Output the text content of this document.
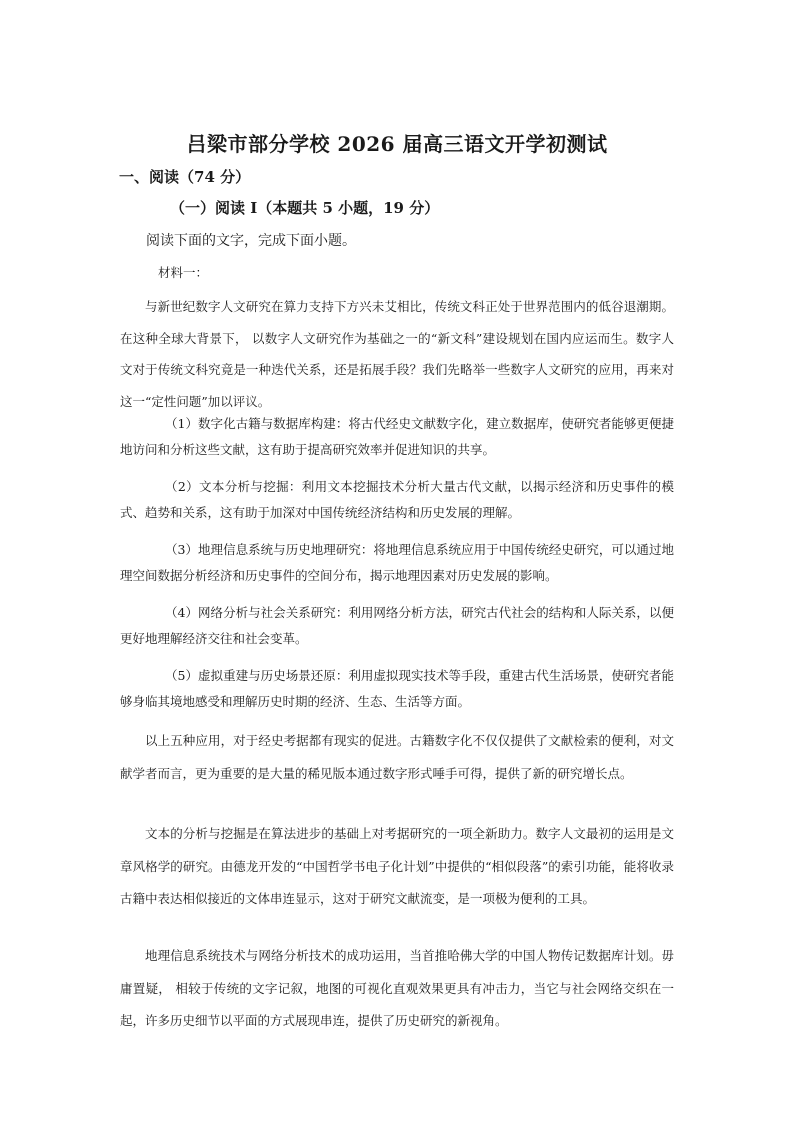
吕梁市部分学校 2026 届高三语文开学初测试
一、阅读（74 分）
（一）阅读 I（本题共 5 小题，19 分）
阅读下面的文字，完成下面小题。
材料一：

与新世纪数字人文研究在算力支持下方兴未艾相比，传统文科正处于世界范围内的低谷退潮期。在这种全球大背景下， 以数字人文研究作为基础之一的“新文科”建设规划在国内应运而生。数字人文对于传统文科究竟是一种迭代关系，还是拓展手段？我们先略举一些数字人文研究的应用，再来对这一“定性问题”加以评议。

（1）数字化古籍与数据库构建：将古代经史文献数字化，建立数据库，使研究者能够更便捷地访问和分析这些文献，这有助于提高研究效率并促进知识的共享。

（2）文本分析与挖掘：利用文本挖掘技术分析大量古代文献，以揭示经济和历史事件的模式、趋势和关系，这有助于加深对中国传统经济结构和历史发展的理解。

（3）地理信息系统与历史地理研究：将地理信息系统应用于中国传统经史研究，可以通过地理空间数据分析经济和历史事件的空间分布，揭示地理因素对历史发展的影响。

（4）网络分析与社会关系研究：利用网络分析方法，研究古代社会的结构和人际关系，以便更好地理解经济交往和社会变革。

（5）虚拟重建与历史场景还原：利用虚拟现实技术等手段，重建古代生活场景，使研究者能够身临其境地感受和理解历史时期的经济、生态、生活等方面。

以上五种应用，对于经史考据都有现实的促进。古籍数字化不仅仅提供了文献检索的便利，对文献学者而言，更为重要的是大量的稀见版本通过数字形式唾手可得，提供了新的研究增长点。

文本的分析与挖掘是在算法进步的基础上对考据研究的一项全新助力。数字人文最初的运用是文章风格学的研究。由德龙开发的“中国哲学书电子化计划”中提供的“相似段落”的索引功能，能将收录古籍中表达相似接近的文体串连显示，这对于研究文献流变，是一项极为便利的工具。

地理信息系统技术与网络分析技术的成功运用，当首推哈佛大学的中国人物传记数据库计划。毋庸置疑， 相较于传统的文字记叙，地图的可视化直观效果更具有冲击力，当它与社会网络交织在一起，许多历史细节以平面的方式展现串连，提供了历史研究的新视角。
